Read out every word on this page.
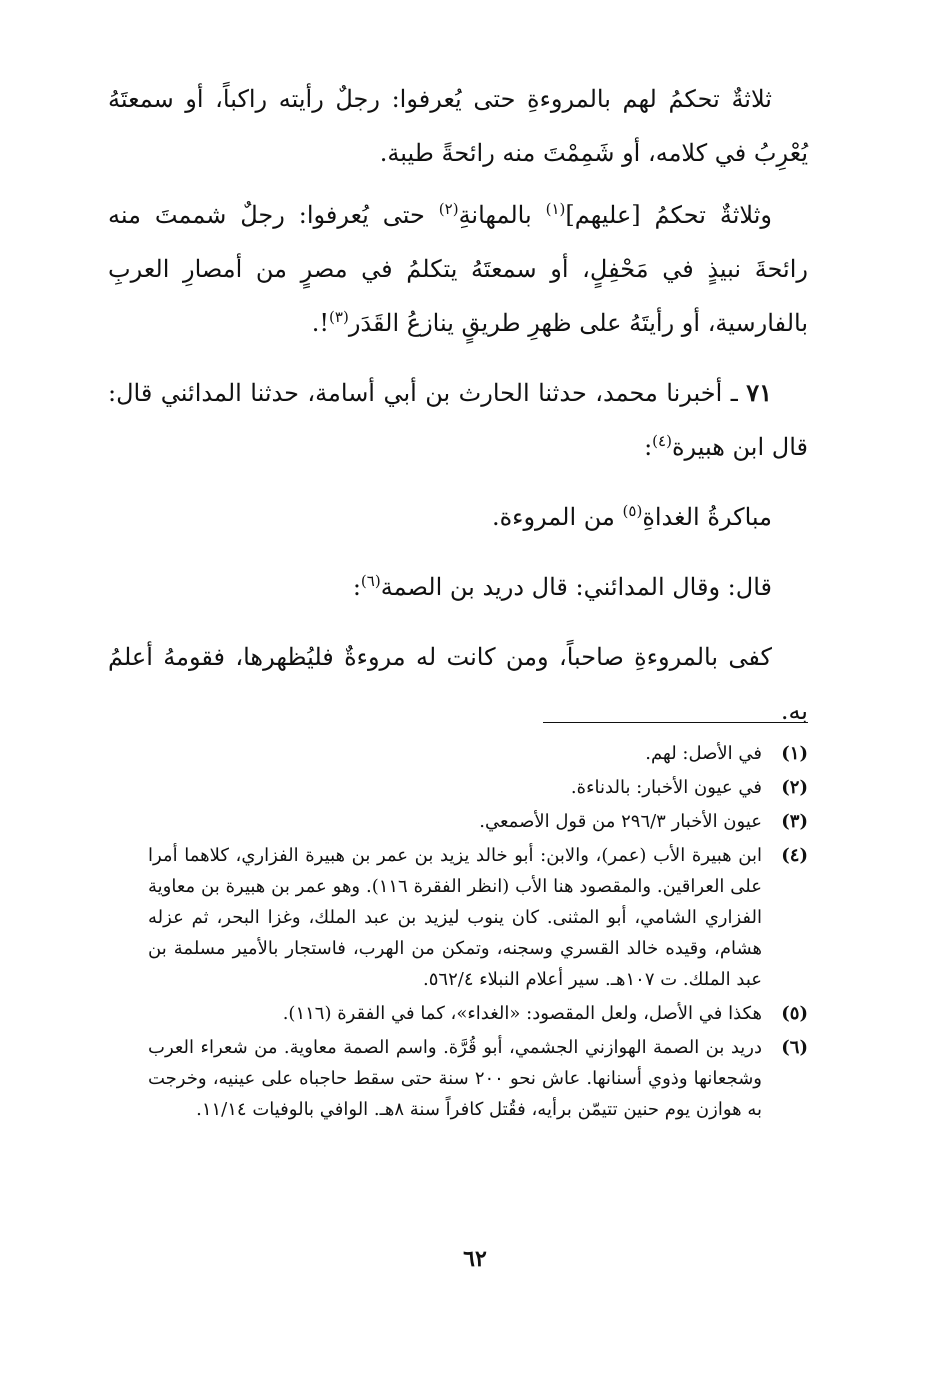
ثلاثةٌ تحكمُ لهم بالمروءةِ حتى يُعرفوا: رجلٌ رأيته راكباً، أو سمعتَهُ يُعْرِبُ في كلامه، أو شَمِمْتَ منه رائحةً طيبة.

وثلاثةٌ تحكمُ [عليهم]$^{(١)}$ بالمهانةِ$^{(٢)}$ حتى يُعرفوا: رجلٌ شممتَ منه رائحةَ نبيذٍ في مَحْفِلٍ، أو سمعتَهُ يتكلمُ في مصرٍ من أمصارِ العربِ بالفارسية، أو رأيتَهُ على ظهرِ طريقٍ ينازعُ القَدَر$^{(٣)}$!.

٧١ ـ أخبرنا محمد، حدثنا الحارث بن أبي أسامة، حدثنا المدائني قال: قال ابن هبيرة$^{(٤)}$:

مباكرةُ الغداةِ$^{(٥)}$ من المروءة.

قال: وقال المدائني: قال دريد بن الصمة$^{(٦)}$:

كفى بالمروءةِ صاحباً، ومن كانت له مروءةٌ فليُظهرها، فقومهُ أعلمُ به.

(١)
في الأصل: لهم.
(٢)
في عيون الأخبار: بالدناءة.
(٣)
عيون الأخبار ٢٩٦/٣ من قول الأصمعي.
(٤)
ابن هبيرة الأب (عمر)، والابن: أبو خالد يزيد بن عمر بن هبيرة الفزاري، كلاهما أمرا على العراقين. والمقصود هنا الأب (انظر الفقرة ١١٦). وهو عمر بن هبيرة بن معاوية الفزاري الشامي، أبو المثنى. كان ينوب ليزيد بن عبد الملك، وغزا البحر، ثم عزله هشام، وقيده خالد القسري وسجنه، وتمكن من الهرب، فاستجار بالأمير مسلمة بن عبد الملك. ت ١٠٧هـ. سير أعلام النبلاء ٥٦٢/٤.
(٥)
هكذا في الأصل، ولعل المقصود: «الغداء»، كما في الفقرة (١١٦).
(٦)
دريد بن الصمة الهوازني الجشمي، أبو قُرَّة. واسم الصمة معاوية. من شعراء العرب وشجعانها وذوي أسنانها. عاش نحو ٢٠٠ سنة حتى سقط حاجباه على عينيه، وخرجت به هوازن يوم حنين تتيمّن برأيه، فقُتل كافراً سنة ٨هـ. الوافي بالوفيات ١١/١٤.
٦٢
